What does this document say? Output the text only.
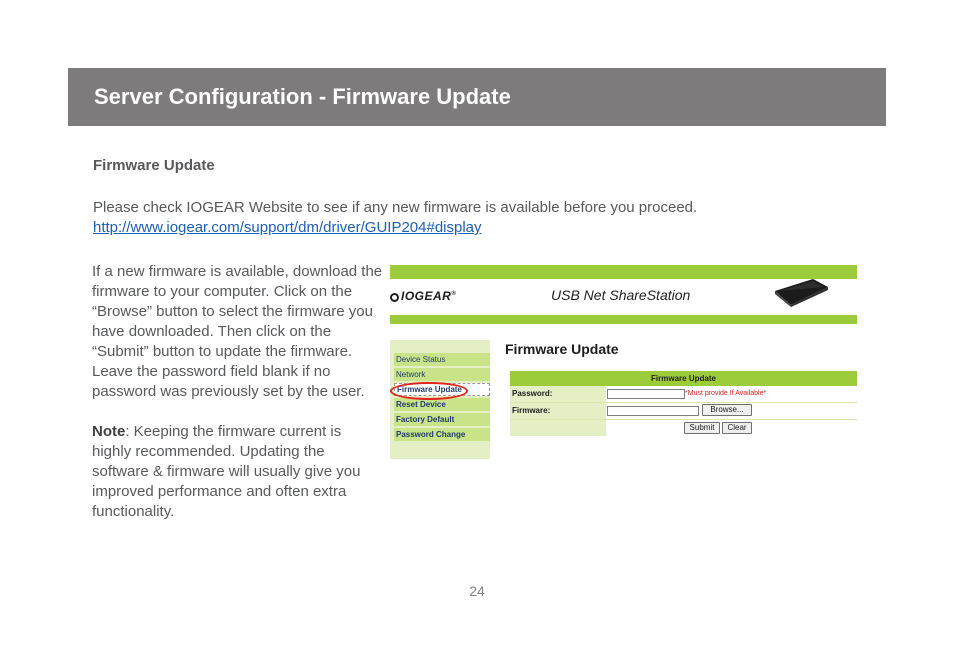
Server Configuration - Firmware Update
Firmware Update
Please check IOGEAR Website to see if any new firmware is available before you proceed.
http://www.iogear.com/support/dm/driver/GUIP204#display

If a new firmware is available, download the firmware to your computer. Click on the “Browse” button to select the firmware you have downloaded. Then click on the “Submit” button to update the firmware. Leave the password field blank if no password was previously set by the user.

Note: Keeping the firmware current is highly recommended. Updating the software & firmware will usually give you improved performance and often extra functionality.

IOGEAR®	USB Net ShareStation
Device Status
Network
Firmware Update
Reset Device
Factory Default
Password Change
Firmware Update
Firmware Update
Password:	*Must provide If Available*
Firmware:	Browse...
Submit	Clear
24
